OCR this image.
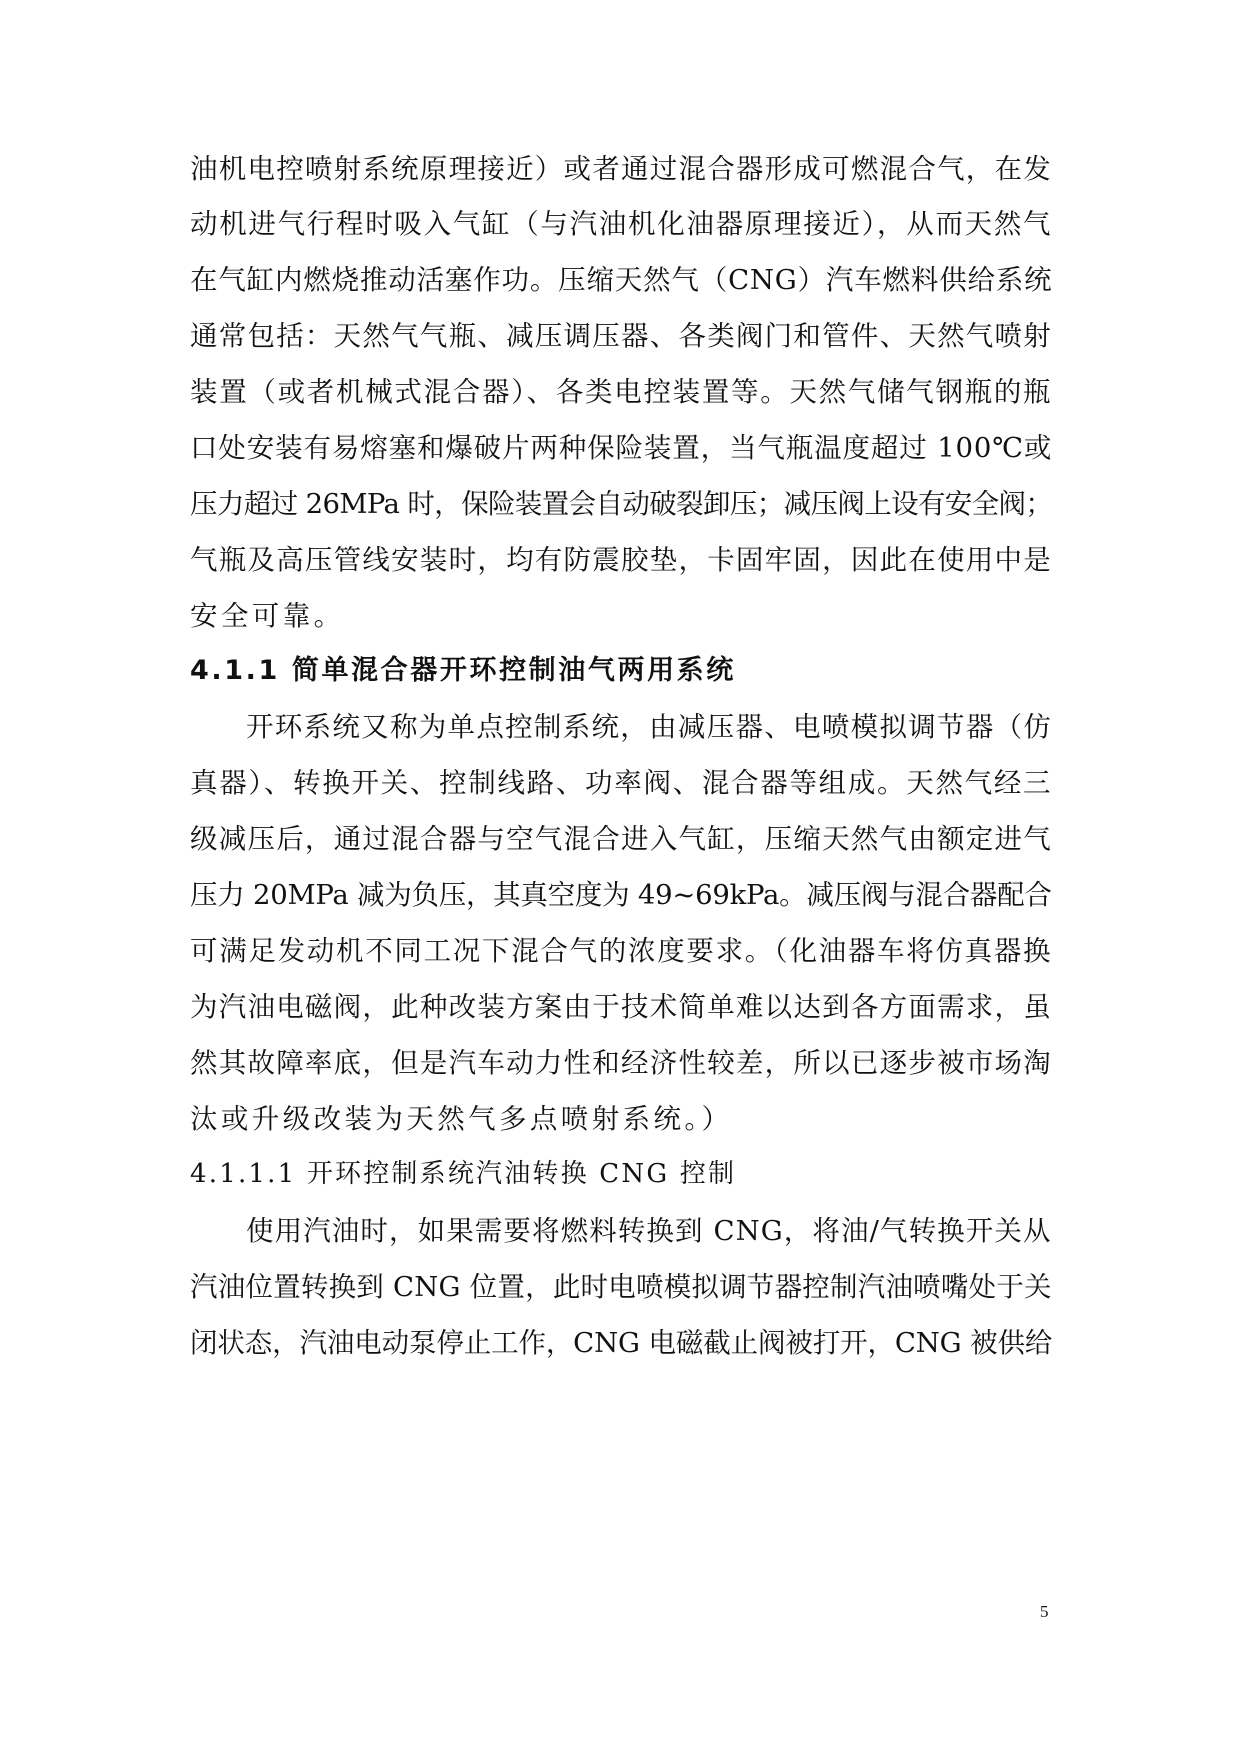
油机电控喷射系统原理接近）或者通过混合器形成可燃混合气，在发
动机进气行程时吸入气缸（与汽油机化油器原理接近），从而天然气
在气缸内燃烧推动活塞作功。压缩天然气（CNG）汽车燃料供给系统
通常包括：天然气气瓶、减压调压器、各类阀门和管件、天然气喷射
装置（或者机械式混合器）、各类电控装置等。天然气储气钢瓶的瓶
口处安装有易熔塞和爆破片两种保险装置，当气瓶温度超过 100℃或
压力超过 26MPa 时，保险装置会自动破裂卸压；减压阀上设有安全阀；
气瓶及高压管线安装时，均有防震胶垫，卡固牢固，因此在使用中是
安全可靠。
4.1.1 简单混合器开环控制油气两用系统
开环系统又称为单点控制系统，由减压器、电喷模拟调节器（仿
真器）、转换开关、控制线路、功率阀、混合器等组成。天然气经三
级减压后，通过混合器与空气混合进入气缸，压缩天然气由额定进气
压力 20MPa 减为负压，其真空度为 49~69kPa。减压阀与混合器配合
可满足发动机不同工况下混合气的浓度要求。（化油器车将仿真器换
为汽油电磁阀，此种改装方案由于技术简单难以达到各方面需求，虽
然其故障率底，但是汽车动力性和经济性较差，所以已逐步被市场淘
汰或升级改装为天然气多点喷射系统。）
4.1.1.1 开环控制系统汽油转换 CNG 控制
使用汽油时，如果需要将燃料转换到 CNG，将油/气转换开关从
汽油位置转换到 CNG 位置，此时电喷模拟调节器控制汽油喷嘴处于关
闭状态，汽油电动泵停止工作，CNG 电磁截止阀被打开，CNG 被供给
5
